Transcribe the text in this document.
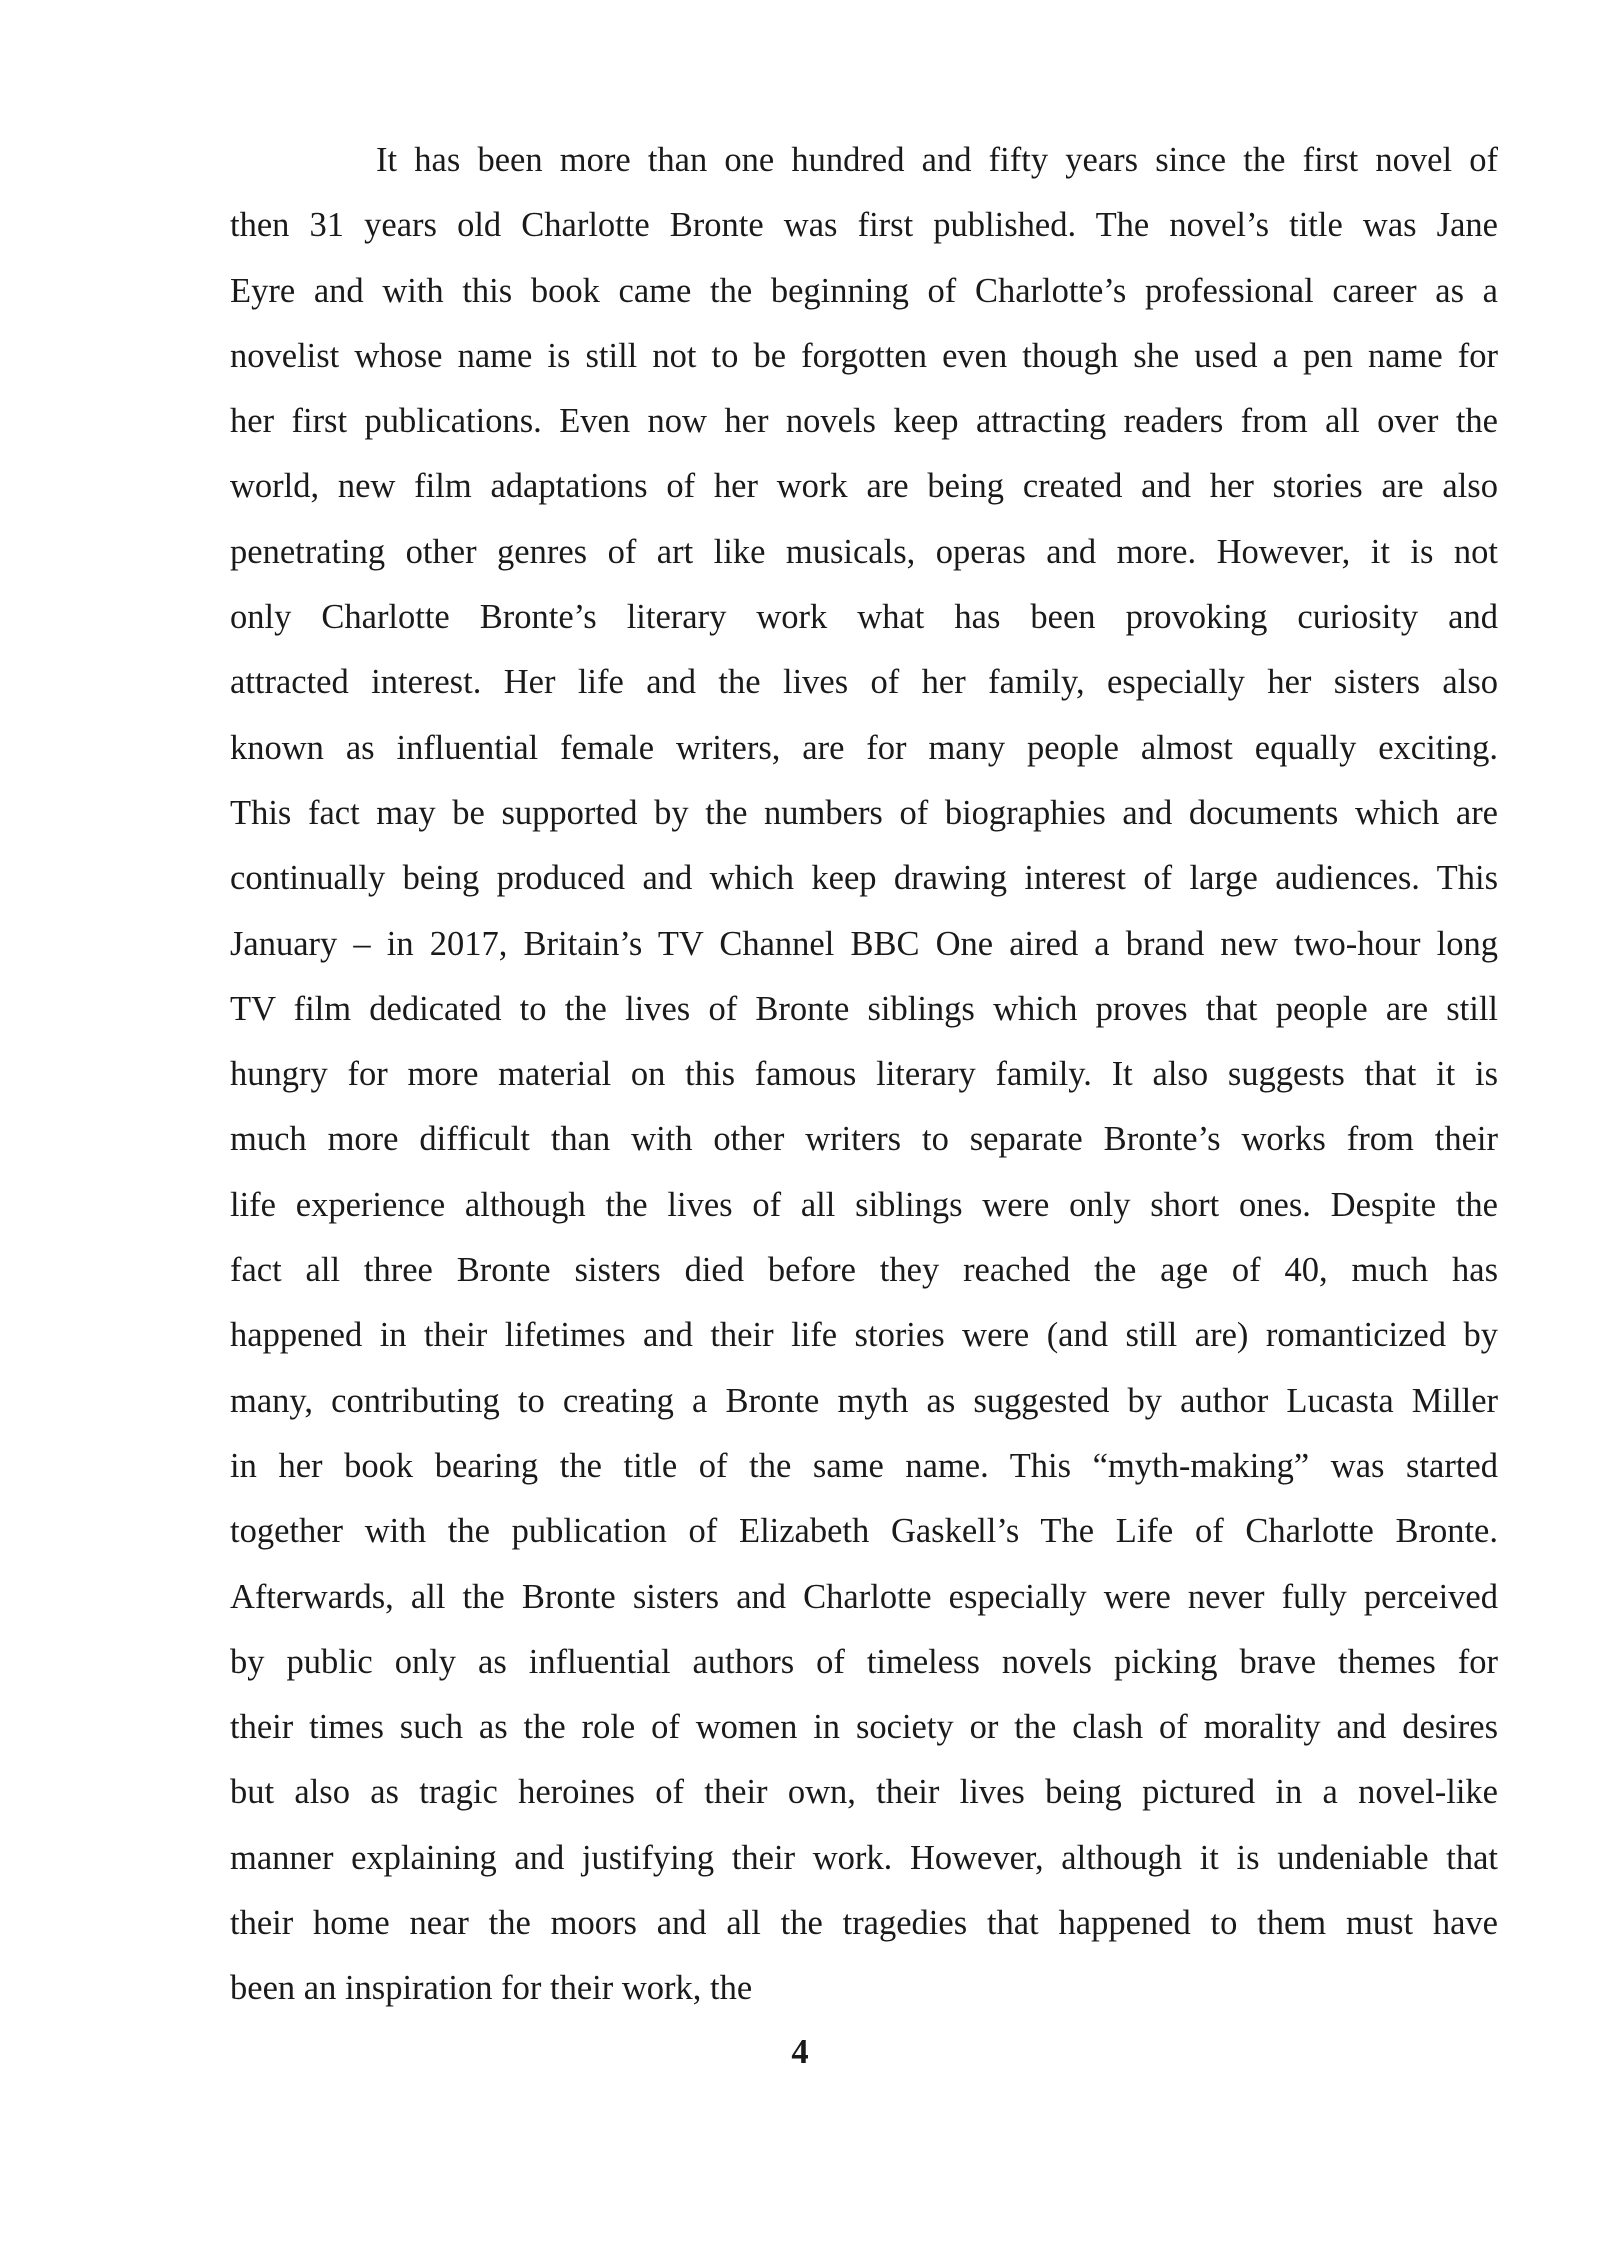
It has been more than one hundred and fifty years since the first novel of
then 31 years old Charlotte Bronte was first published. The novel’s title was Jane
Eyre and with this book came the beginning of Charlotte’s professional career as a
novelist whose name is still not to be forgotten even though she used a pen name for
her first publications. Even now her novels keep attracting readers from all over the
world, new film adaptations of her work are being created and her stories are also
penetrating other genres of art like musicals, operas and more. However, it is not
only Charlotte Bronte’s literary work what has been provoking curiosity and
attracted interest. Her life and the lives of her family, especially her sisters also
known as influential female writers, are for many people almost equally exciting.
This fact may be supported by the numbers of biographies and documents which are
continually being produced and which keep drawing interest of large audiences. This
January – in 2017, Britain’s TV Channel BBC One aired a brand new two-hour long
TV film dedicated to the lives of Bronte siblings which proves that people are still
hungry for more material on this famous literary family. It also suggests that it is
much more difficult than with other writers to separate Bronte’s works from their
life experience although the lives of all siblings were only short ones. Despite the
fact all three Bronte sisters died before they reached the age of 40, much has
happened in their lifetimes and their life stories were (and still are) romanticized by
many, contributing to creating a Bronte myth as suggested by author Lucasta Miller
in her book bearing the title of the same name. This “myth-making” was started
together with the publication of Elizabeth Gaskell’s The Life of Charlotte Bronte.
Afterwards, all the Bronte sisters and Charlotte especially were never fully perceived
by public only as influential authors of timeless novels picking brave themes for
their times such as the role of women in society or the clash of morality and desires
but also as tragic heroines of their own, their lives being pictured in a novel-like
manner explaining and justifying their work. However, although it is undeniable that
their home near the moors and all the tragedies that happened to them must have
been an inspiration for their work, the

4
